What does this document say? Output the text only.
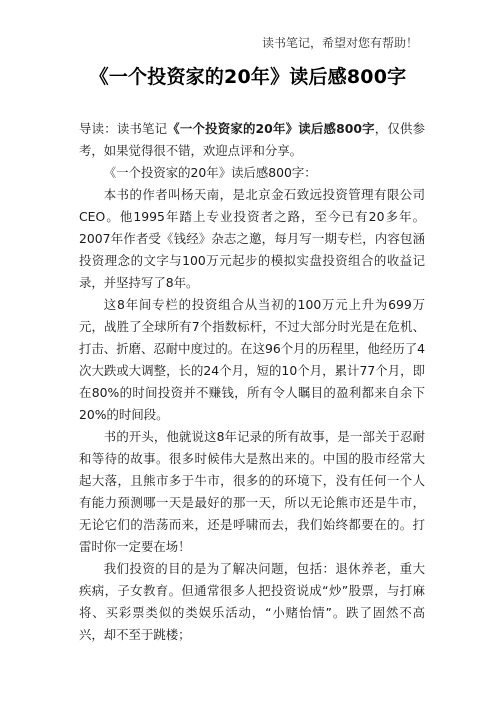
读书笔记，希望对您有帮助！
《一个投资家的20年》读后感800字

导读：读书笔记《一个投资家的20年》读后感800字，仅供参考，如果觉得很不错，欢迎点评和分享。

《一个投资家的20年》读后感800字：

本书的作者叫杨天南，是北京金石致远投资管理有限公司CEO。他1995年踏上专业投资者之路，至今已有20多年。2007年作者受《钱经》杂志之邀，每月写一期专栏，内容包涵投资理念的文字与100万元起步的模拟实盘投资组合的收益记录，并坚持写了8年。

这8年间专栏的投资组合从当初的100万元上升为699万元，战胜了全球所有7个指数标杆，不过大部分时光是在危机、打击、折磨、忍耐中度过的。在这96个月的历程里，他经历了4次大跌或大调整，长的24个月，短的10个月，累计77个月，即在80%的时间投资并不赚钱，所有令人瞩目的盈利都来自余下20%的时间段。

书的开头，他就说这8年记录的所有故事，是一部关于忍耐和等待的故事。很多时候伟大是熬出来的。中国的股市经常大起大落，且熊市多于牛市，很多的的环境下，没有任何一个人有能力预测哪一天是最好的那一天，所以无论熊市还是牛市，无论它们的浩荡而来，还是呼啸而去，我们始终都要在的。打雷时你一定要在场！

我们投资的目的是为了解决问题，包括：退休养老，重大疾病，子女教育。但通常很多人把投资说成“炒”股票，与打麻将、买彩票类似的类娱乐活动，“小赌怡情”。跌了固然不高兴，却不至于跳楼；
